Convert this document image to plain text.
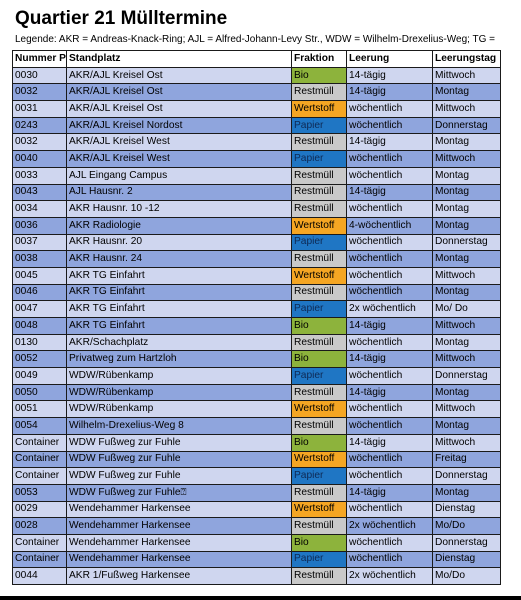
Quartier 21 Mülltermine
Legende: AKR = Andreas-Knack-Ring; AJL = Alfred-Johann-Levy Str., WDW = Wilhelm-Drexelius-Weg; TG =
Nummer P	Standplatz	Fraktion	Leerung	Leerungstag
0030	AKR/AJL Kreisel Ost	Bio	14-tägig	Mittwoch
0032	AKR/AJL Kreisel Ost	Restmüll	14-tägig	Montag
0031	AKR/AJL Kreisel Ost	Wertstoff	wöchentlich	Mittwoch
0243	AKR/AJL Kreisel Nordost	Papier	wöchentlich	Donnerstag
0032	AKR/AJL Kreisel West	Restmüll	14-tägig	Montag
0040	AKR/AJL Kreisel West	Papier	wöchentlich	Mittwoch
0033	AJL Eingang Campus	Restmüll	wöchentlich	Montag
0043	AJL Hausnr. 2	Restmüll	14-tägig	Montag
0034	AKR Hausnr. 10 -12	Restmüll	wöchentlich	Montag
0036	AKR Radiologie	Wertstoff	4-wöchentlich	Montag
0037	AKR Hausnr. 20	Papier	wöchentlich	Donnerstag
0038	AKR Hausnr. 24	Restmüll	wöchentlich	Montag
0045	AKR TG Einfahrt	Wertstoff	wöchentlich	Mittwoch
0046	AKR TG Einfahrt	Restmüll	wöchentlich	Montag
0047	AKR TG Einfahrt	Papier	2x wöchentlich	Mo/ Do
0048	AKR TG Einfahrt	Bio	14-tägig	Mittwoch
0130	AKR/Schachplatz	Restmüll	wöchentlich	Montag
0052	Privatweg zum Hartzloh	Bio	14-tägig	Mittwoch
0049	WDW/Rübenkamp	Papier	wöchentlich	Donnerstag
0050	WDW/Rübenkamp	Restmüll	14-tägig	Montag
0051	WDW/Rübenkamp	Wertstoff	wöchentlich	Mittwoch
0054	Wilhelm-Drexelius-Weg 8	Restmüll	wöchentlich	Montag
Container	WDW Fußweg zur Fuhle	Bio	14-tägig	Mittwoch
Container	WDW Fußweg zur Fuhle	Wertstoff	wöchentlich	Freitag
Container	WDW Fußweg zur Fuhle	Papier	wöchentlich	Donnerstag
0053	WDW Fußweg zur Fuhle⍰	Restmüll	14-tägig	Montag
0029	Wendehammer Harkensee	Wertstoff	wöchentlich	Dienstag
0028	Wendehammer Harkensee	Restmüll	2x wöchentlich	Mo/Do
Container	Wendehammer Harkensee	Bio	wöchentlich	Donnerstag
Container	Wendehammer Harkensee	Papier	wöchentlich	Dienstag
0044	AKR 1/Fußweg Harkensee	Restmüll	2x wöchentlich	Mo/Do
